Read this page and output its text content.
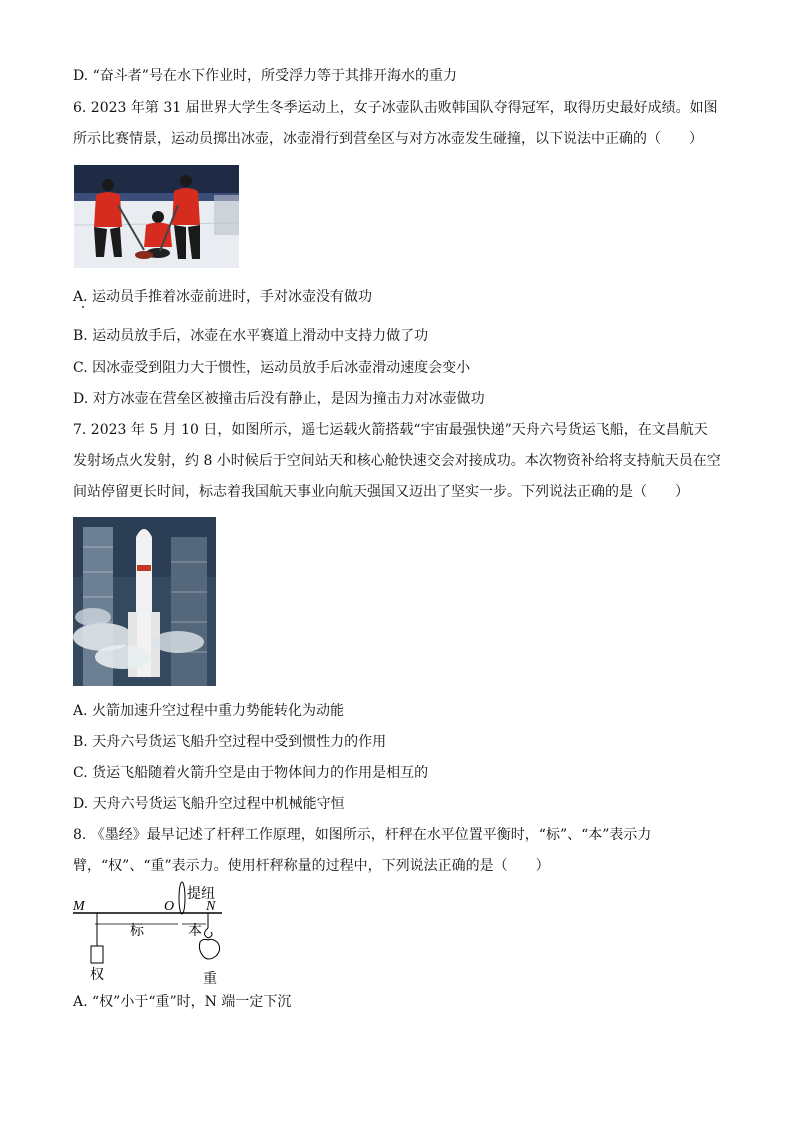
D. “奋斗者”号在水下作业时，所受浮力等于其排开海水的重力
6. 2023 年第 31 届世界大学生冬季运动上，女子冰壶队击败韩国队夺得冠军，取得历史最好成绩。如图所示比赛情景，运动员掷出冰壶，冰壶滑行到营垒区与对方冰壶发生碰撞，以下说法中正确的（　　）
A. 运动员手推着冰壶前进时，手对冰壶没有做功
B. 运动员放手后，冰壶在水平赛道上滑动中支持力做了功
C. 因冰壶受到阻力大于惯性，运动员放手后冰壶滑动速度会变小
D. 对方冰壶在营垒区被撞击后没有静止，是因为撞击力对冰壶做功
7. 2023 年 5 月 10 日，如图所示，遥七运载火箭搭载“宇宙最强快递”天舟六号货运飞船，在文昌航天发射场点火发射，约 8 小时候后于空间站天和核心舱快速交会对接成功。本次物资补给将支持航天员在空间站停留更长时间，标志着我国航天事业向航天强国又迈出了坚实一步。下列说法正确的是（　　）
A. 火箭加速升空过程中重力势能转化为动能
B. 天舟六号货运飞船升空过程中受到惯性力的作用
C. 货运飞船随着火箭升空是由于物体间力的作用是相互的
D. 天舟六号货运飞船升空过程中机械能守恒
8. 《墨经》最早记述了杆秤工作原理，如图所示，杆秤在水平位置平衡时，“标”、“本”表示力臂，“权”、“重”表示力。使用杆秤称量的过程中，下列说法正确的是（　　）
M	O N
提纽
标	本
权	重
A. “权”小于“重”时，N 端一定下沉
